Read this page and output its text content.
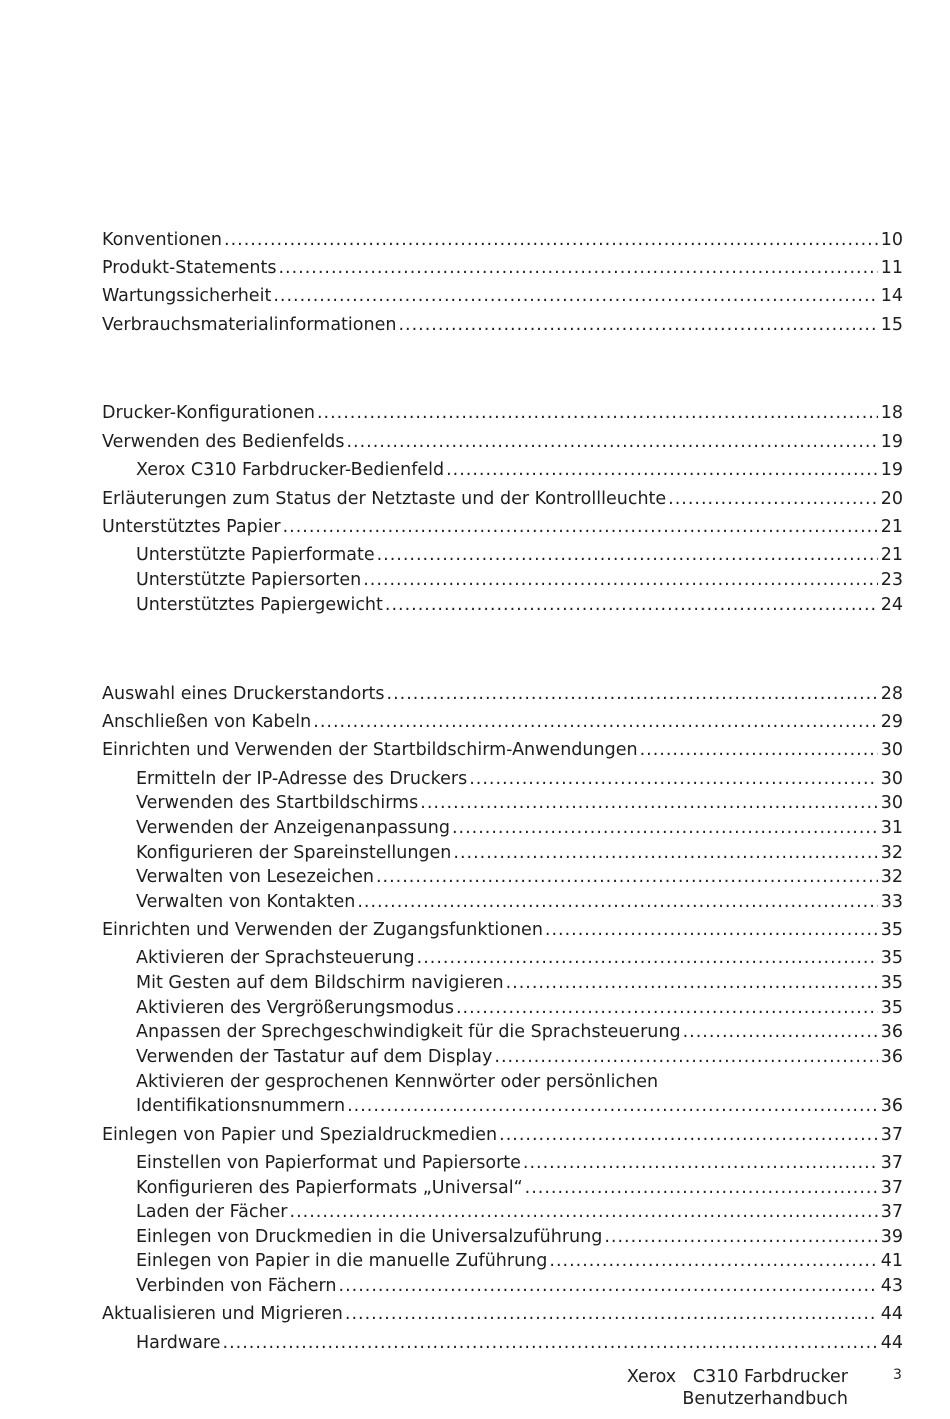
Konventionen .....	10
Produkt-Statements .....	11
Wartungssicherheit .....	14
Verbrauchsmaterialinformationen .....	15
Drucker-Konfigurationen .....	18
Verwenden des Bedienfelds .....	19
Xerox C310 Farbdrucker-Bedienfeld .....	19
Erläuterungen zum Status der Netztaste und der Kontrollleuchte .....	20
Unterstütztes Papier .....	21
Unterstützte Papierformate .....	21
Unterstützte Papiersorten .....	23
Unterstütztes Papiergewicht .....	24
Auswahl eines Druckerstandorts .....	28
Anschließen von Kabeln .....	29
Einrichten und Verwenden der Startbildschirm-Anwendungen .....	30
Ermitteln der IP-Adresse des Druckers .....	30
Verwenden des Startbildschirms .....	30
Verwenden der Anzeigenanpassung .....	31
Konfigurieren der Spareinstellungen .....	32
Verwalten von Lesezeichen .....	32
Verwalten von Kontakten .....	33
Einrichten und Verwenden der Zugangsfunktionen .....	35
Aktivieren der Sprachsteuerung .....	35
Mit Gesten auf dem Bildschirm navigieren .....	35
Aktivieren des Vergrößerungsmodus .....	35
Anpassen der Sprechgeschwindigkeit für die Sprachsteuerung .....	36
Verwenden der Tastatur auf dem Display .....	36
Aktivieren der gesprochenen Kennwörter oder persönlichen
Identifikationsnummern .....	36
Einlegen von Papier und Spezialdruckmedien .....	37
Einstellen von Papierformat und Papiersorte .....	37
Konfigurieren des Papierformats „Universal“ .....	37
Laden der Fächer .....	37
Einlegen von Druckmedien in die Universalzuführung .....	39
Einlegen von Papier in die manuelle Zuführung .....	41
Verbinden von Fächern .....	43
Aktualisieren und Migrieren .....	44
Hardware .....	44
Xerox   C310 Farbdrucker
Benutzerhandbuch
3
